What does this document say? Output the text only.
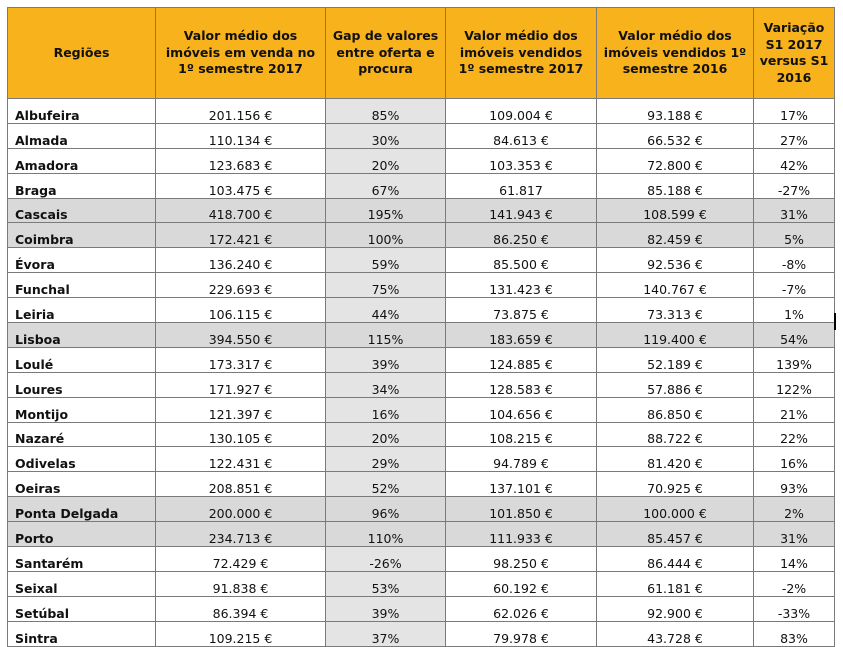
Regiões	Valor médio dos imóveis em venda no 1º semestre 2017	Gap de valores entre oferta e procura	Valor médio dos imóveis vendidos 1º semestre 2017	Valor médio dos imóveis vendidos 1º semestre 2016	Variação S1 2017 versus S1 2016
Albufeira	201.156 €	85%	109.004 €	93.188 €	17%
Almada	110.134 €	30%	84.613 €	66.532 €	27%
Amadora	123.683 €	20%	103.353 €	72.800 €	42%
Braga	103.475 €	67%	61.817	85.188 €	-27%
Cascais	418.700 €	195%	141.943 €	108.599 €	31%
Coimbra	172.421 €	100%	86.250 €	82.459 €	5%
Évora	136.240 €	59%	85.500 €	92.536 €	-8%
Funchal	229.693 €	75%	131.423 €	140.767 €	-7%
Leiria	106.115 €	44%	73.875 €	73.313 €	1%
Lisboa	394.550 €	115%	183.659 €	119.400 €	54%
Loulé	173.317 €	39%	124.885 €	52.189 €	139%
Loures	171.927 €	34%	128.583 €	57.886 €	122%
Montijo	121.397 €	16%	104.656 €	86.850 €	21%
Nazaré	130.105 €	20%	108.215 €	88.722 €	22%
Odivelas	122.431 €	29%	94.789 €	81.420 €	16%
Oeiras	208.851 €	52%	137.101 €	70.925 €	93%
Ponta Delgada	200.000 €	96%	101.850 €	100.000 €	2%
Porto	234.713 €	110%	111.933 €	85.457 €	31%
Santarém	72.429 €	-26%	98.250 €	86.444 €	14%
Seixal	91.838 €	53%	60.192 €	61.181 €	-2%
Setúbal	86.394 €	39%	62.026 €	92.900 €	-33%
Sintra	109.215 €	37%	79.978 €	43.728 €	83%
